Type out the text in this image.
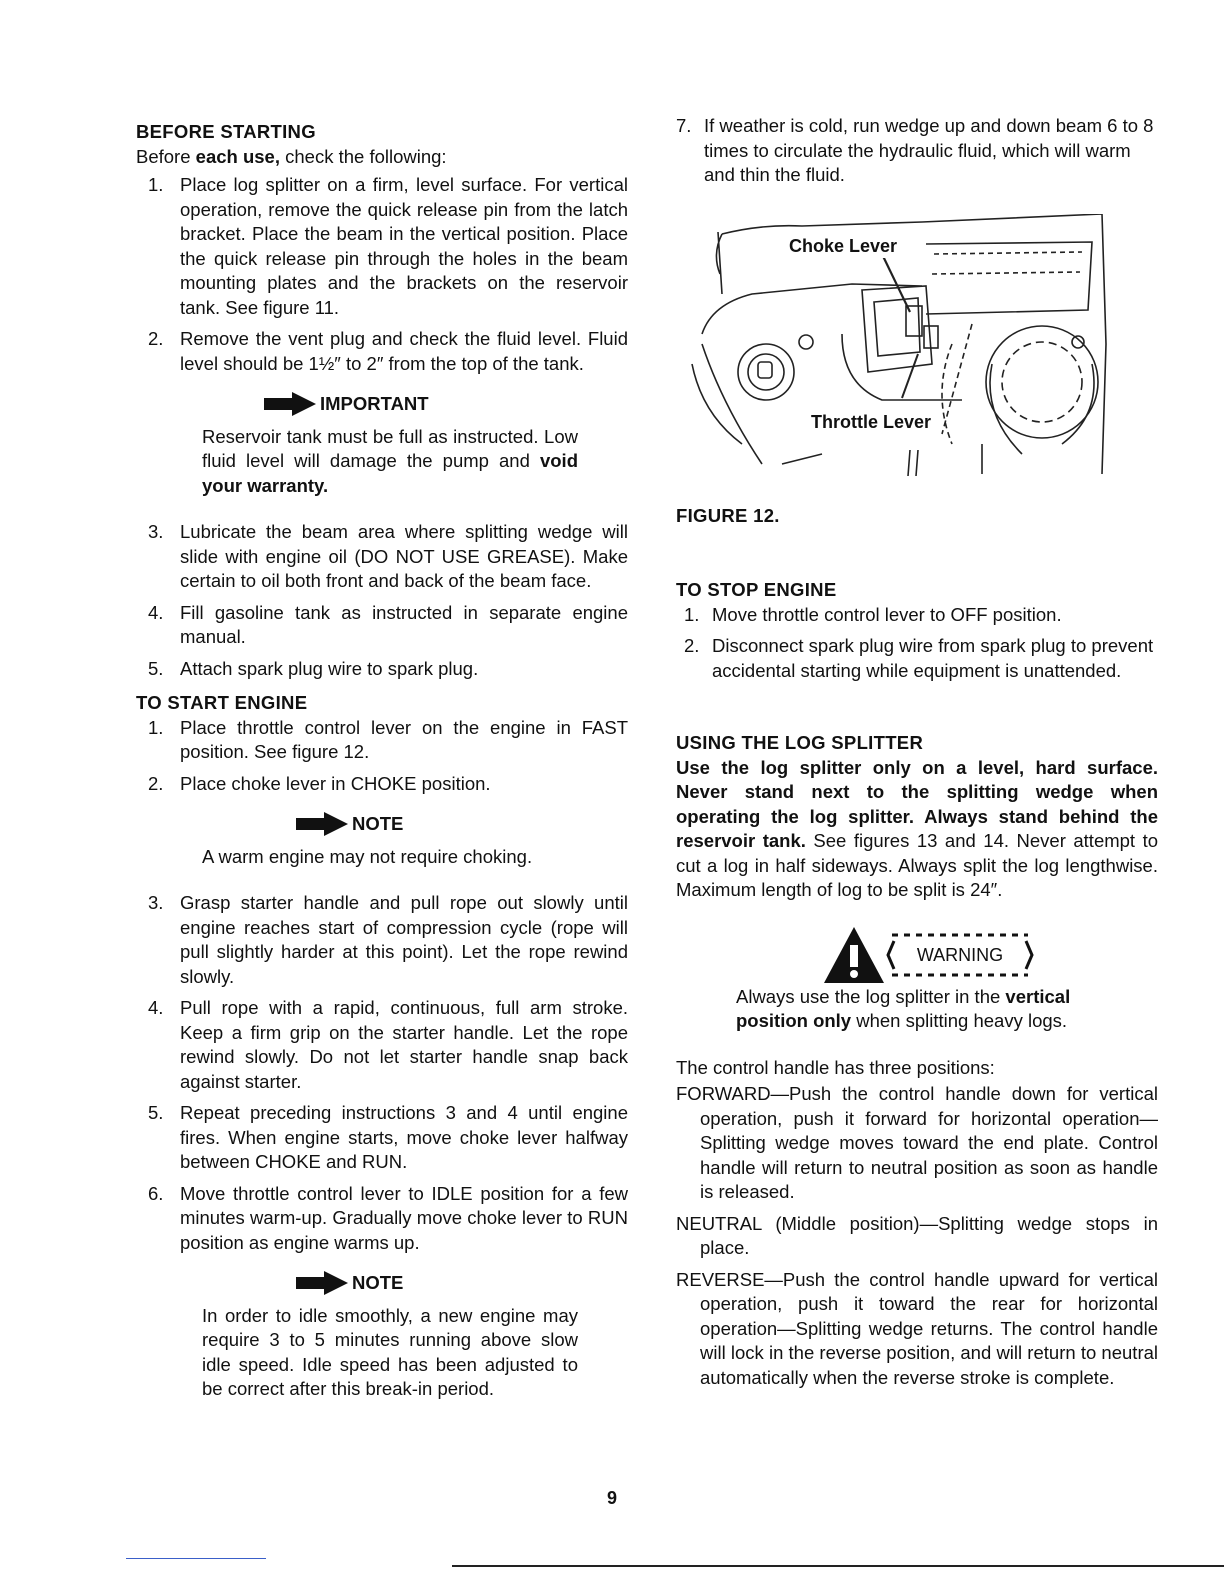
BEFORE STARTING

Before each use, check the following:

1. Place log splitter on a firm, level surface. For vertical operation, remove the quick release pin from the latch bracket. Place the beam in the vertical position. Place the quick release pin through the holes in the beam mounting plates and the brackets on the reservoir tank. See figure 11.
2. Remove the vent plug and check the fluid level. Fluid level should be 1½″ to 2″ from the top of the tank.
IMPORTANT

Reservoir tank must be full as instructed. Low fluid level will damage the pump and void your warranty.

3. Lubricate the beam area where splitting wedge will slide with engine oil (DO NOT USE GREASE). Make certain to oil both front and back of the beam face.
4. Fill gasoline tank as instructed in separate engine manual.
5. Attach spark plug wire to spark plug.
TO START ENGINE
1. Place throttle control lever on the engine in FAST position. See figure 12.
2. Place choke lever in CHOKE position.
NOTE

A warm engine may not require choking.

3. Grasp starter handle and pull rope out slowly until engine reaches start of compression cycle (rope will pull slightly harder at this point). Let the rope rewind slowly.
4. Pull rope with a rapid, continuous, full arm stroke. Keep a firm grip on the starter handle. Let the rope rewind slowly. Do not let starter handle snap back against starter.
5. Repeat preceding instructions 3 and 4 until engine fires. When engine starts, move choke lever halfway between CHOKE and RUN.
6. Move throttle control lever to IDLE position for a few minutes warm-up. Gradually move choke lever to RUN position as engine warms up.
NOTE

In order to idle smoothly, a new engine may require 3 to 5 minutes running above slow idle speed. Idle speed has been adjusted to be correct after this break-in period.

7. If weather is cold, run wedge up and down beam 6 to 8 times to circulate the hydraulic fluid, which will warm and thin the fluid.
Choke Lever
Throttle Lever
FIGURE 12.
TO STOP ENGINE
1. Move throttle control lever to OFF position.
2. Disconnect spark plug wire from spark plug to prevent accidental starting while equipment is unattended.
USING THE LOG SPLITTER

Use the log splitter only on a level, hard surface. Never stand next to the splitting wedge when operating the log splitter. Always stand behind the reservoir tank. See figures 13 and 14. Never attempt to cut a log in half sideways. Always split the log lengthwise. Maximum length of log to be split is 24″.

WARNING

Always use the log splitter in the vertical position only when splitting heavy logs.

The control handle has three positions:

FORWARD—Push the control handle down for vertical operation, push it forward for horizontal operation—Splitting wedge moves toward the end plate. Control handle will return to neutral position as soon as handle is released.

NEUTRAL (Middle position)—Splitting wedge stops in place.

REVERSE—Push the control handle upward for vertical operation, push it toward the rear for horizontal operation—Splitting wedge returns. The control handle will lock in the reverse position, and will return to neutral automatically when the reverse stroke is complete.

9
